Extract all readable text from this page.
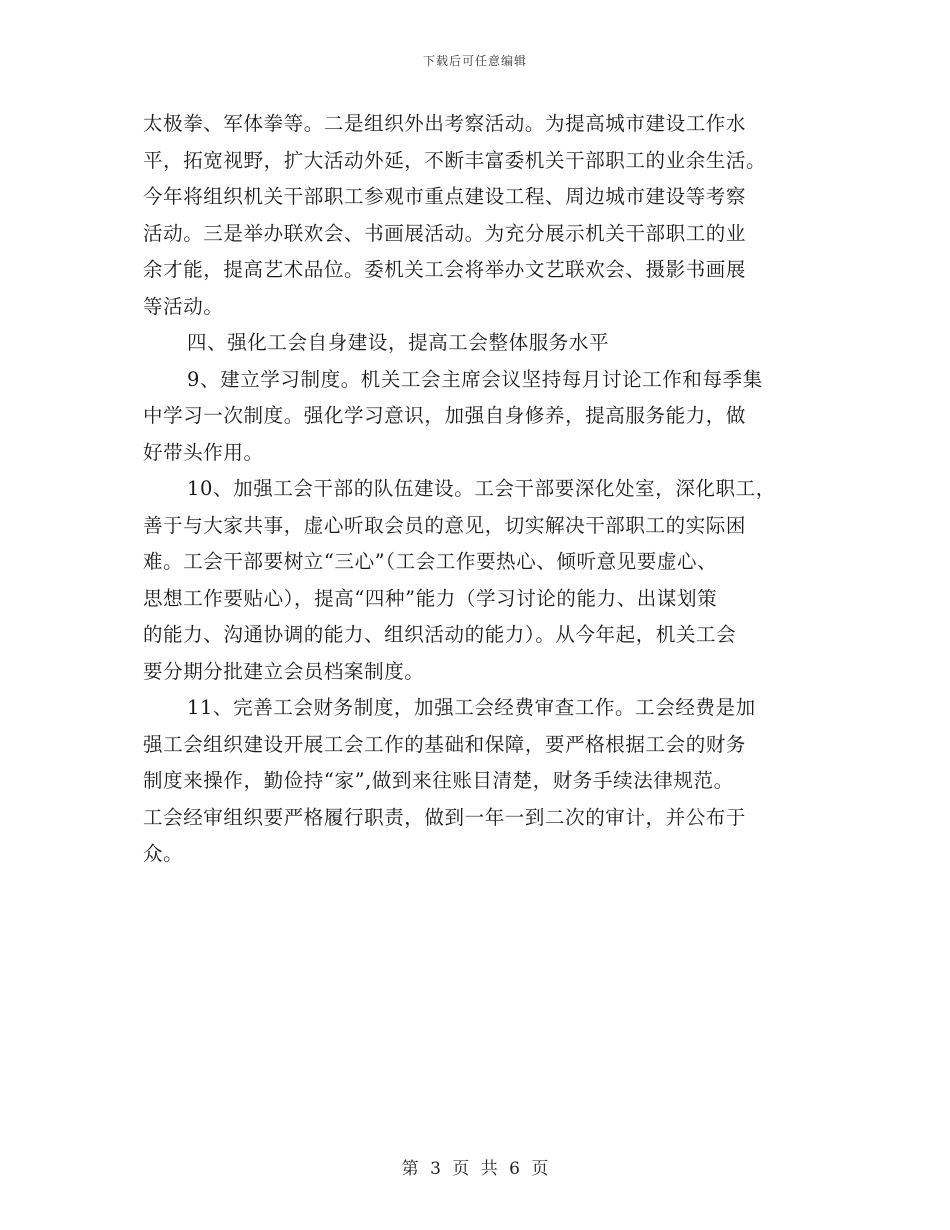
下载后可任意编辑
太极拳、军体拳等。二是组织外出考察活动。为提高城市建设工作水
平，拓宽视野，扩大活动外延，不断丰富委机关干部职工的业余生活。
今年将组织机关干部职工参观市重点建设工程、周边城市建设等考察
活动。三是举办联欢会、书画展活动。为充分展示机关干部职工的业
余才能，提高艺术品位。委机关工会将举办文艺联欢会、摄影书画展
等活动。
四、强化工会自身建设，提高工会整体服务水平
9、建立学习制度。机关工会主席会议坚持每月讨论工作和每季集
中学习一次制度。强化学习意识，加强自身修养，提高服务能力，做
好带头作用。
10、加强工会干部的队伍建设。工会干部要深化处室，深化职工，
善于与大家共事，虚心听取会员的意见，切实解决干部职工的实际困
难。工会干部要树立“三心”（工会工作要热心、倾听意见要虚心、
思想工作要贴心），提高“四种”能力（学习讨论的能力、出谋划策
的能力、沟通协调的能力、组织活动的能力）。从今年起，机关工会
要分期分批建立会员档案制度。
11、完善工会财务制度，加强工会经费审查工作。工会经费是加
强工会组织建设开展工会工作的基础和保障，要严格根据工会的财务
制度来操作，勤俭持“家”,做到来往账目清楚，财务手续法律规范。
工会经审组织要严格履行职责，做到一年一到二次的审计，并公布于
众。
第 3 页 共 6 页
